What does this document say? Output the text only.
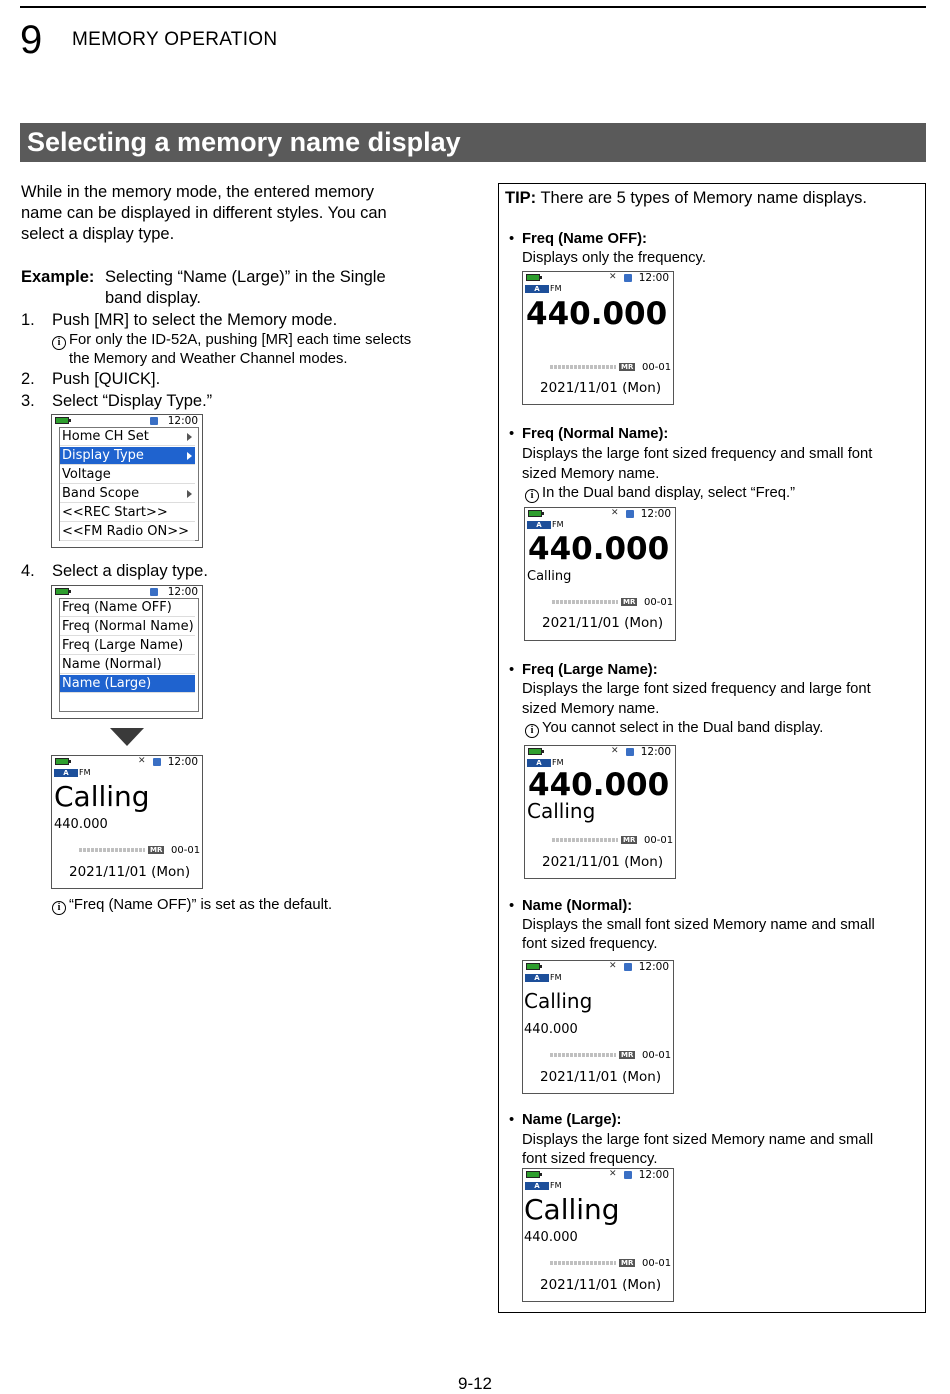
9 MEMORY OPERATION
Selecting a memory name display
While in the memory mode, the entered memory
name can be displayed in different styles. You can
select a display type.
Example: Selecting “Name (Large)” in the Single
band display.
1. Push [MR] to select the Memory mode.
i For only the ID-52A, pushing [MR] each time selects
the Memory and Weather Channel modes.
2. Push [QUICK].
3. Select “Display Type.”
12:00
Home CH Set
Display Type
Voltage
Band Scope
<<REC Start>>
<<FM Radio ON>>
4. Select a display type.
12:00
Freq (Name OFF)
Freq (Normal Name)
Freq (Large Name)
Name (Normal)
Name (Large)
✕ 12:00
A	FM
Calling
440.000
MR 00-01
2021/11/01 (Mon)
i “Freq (Name OFF)” is set as the default.
TIP: There are 5 types of Memory name displays.
• Freq (Name OFF):
Displays only the frequency.
✕ 12:00
A	FM
440.000
MR 00-01
2021/11/01 (Mon)
• Freq (Normal Name):
Displays the large font sized frequency and small font
sized Memory name.
i In the Dual band display, select “Freq.”
✕ 12:00
A	FM
440.000
Calling
MR 00-01
2021/11/01 (Mon)
• Freq (Large Name):
Displays the large font sized frequency and large font
sized Memory name.
i You cannot select in the Dual band display.
✕ 12:00
A	FM
440.000
Calling
MR 00-01
2021/11/01 (Mon)
• Name (Normal):
Displays the small font sized Memory name and small
font sized frequency.
✕ 12:00
A	FM
Calling
440.000
MR 00-01
2021/11/01 (Mon)
• Name (Large):
Displays the large font sized Memory name and small
font sized frequency.
✕ 12:00
A	FM
Calling
440.000
MR 00-01
2021/11/01 (Mon)
9-12
